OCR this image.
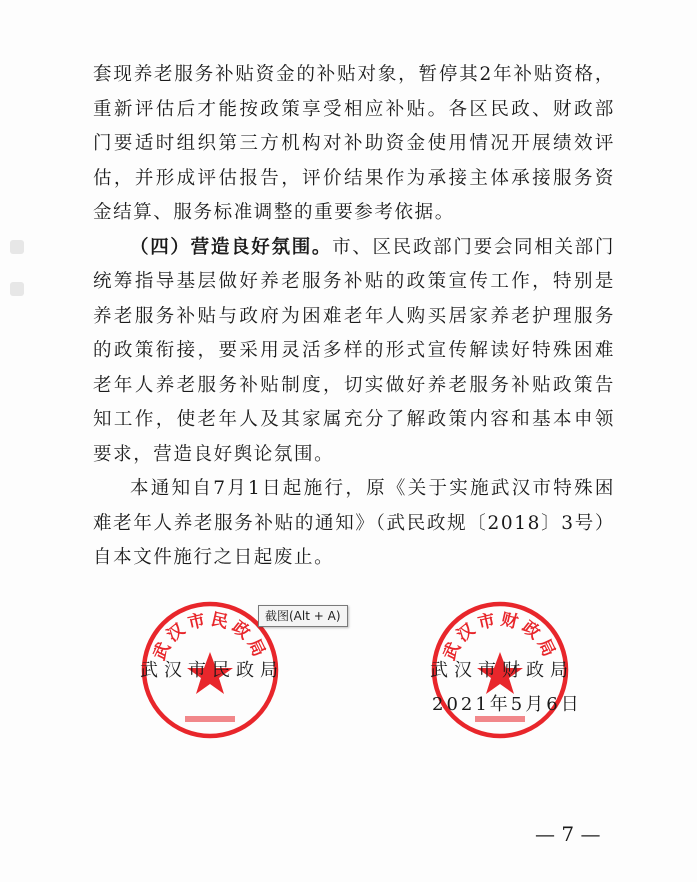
套现养老服务补贴资金的补贴对象，暂停其2年补贴资格，重新评估后才能按政策享受相应补贴。各区民政、财政部门要适时组织第三方机构对补助资金使用情况开展绩效评估，并形成评估报告，评价结果作为承接主体承接服务资金结算、服务标准调整的重要参考依据。

（四）营造良好氛围。市、区民政部门要会同相关部门统筹指导基层做好养老服务补贴的政策宣传工作，特别是养老服务补贴与政府为困难老年人购买居家养老护理服务的政策衔接，要采用灵活多样的形式宣传解读好特殊困难老年人养老服务补贴制度，切实做好养老服务补贴政策告知工作，使老年人及其家属充分了解政策内容和基本申领要求，营造良好舆论氛围。

本通知自7月1日起施行，原《关于实施武汉市特殊困难老年人养老服务补贴的通知》（武民政规〔2018〕3号）自本文件施行之日起废止。

武汉市民政局	武汉市财政局
武汉市民政局	武汉市财政局
2021年5月6日
截图(Alt + A)
— 7 —
